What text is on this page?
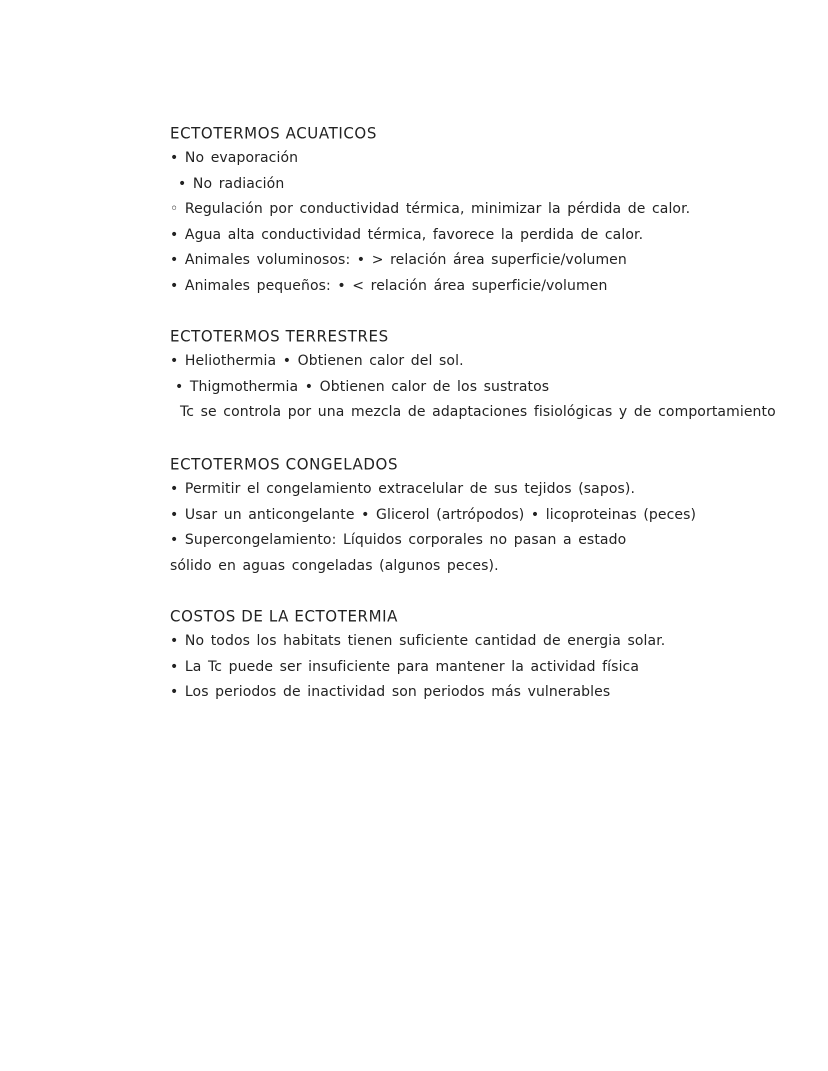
ECTOTERMOS ACUATICOS
• No evaporación
• No radiación
◦ Regulación por conductividad térmica, minimizar la pérdida de calor.
• Agua alta conductividad térmica, favorece la perdida de calor.
• Animales voluminosos: • > relación área superficie/volumen
• Animales pequeños: • < relación área superficie/volumen
ECTOTERMOS TERRESTRES
• Heliothermia • Obtienen calor del sol.
• Thigmothermia • Obtienen calor de los sustratos
Tc se controla por una mezcla de adaptaciones fisiológicas y de comportamiento
ECTOTERMOS CONGELADOS
• Permitir el congelamiento extracelular de sus tejidos (sapos).
• Usar un anticongelante • Glicerol (artrópodos) • licoproteinas (peces)
• Supercongelamiento: Líquidos corporales no pasan a estado sólido en aguas congeladas (algunos peces).
COSTOS DE LA ECTOTERMIA
• No todos los habitats tienen suficiente cantidad de energia solar.
• La Tc puede ser insuficiente para mantener la actividad física
• Los periodos de inactividad son periodos más vulnerables
